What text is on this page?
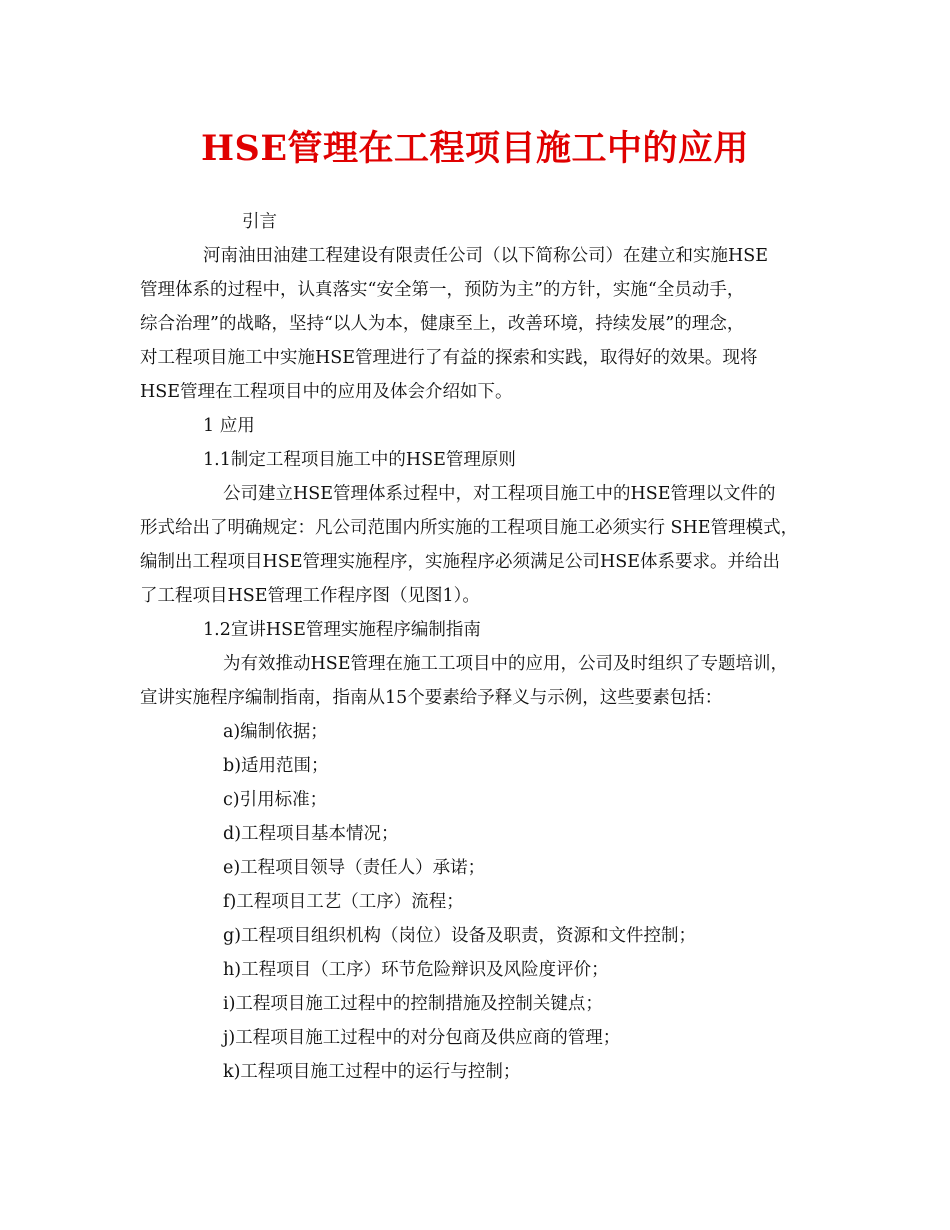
HSE管理在工程项目施工中的应用
引言
河南油田油建工程建设有限责任公司（以下简称公司）在建立和实施HSE
管理体系的过程中，认真落实“安全第一，预防为主”的方针，实施“全员动手，
综合治理”的战略，坚持“以人为本，健康至上，改善环境，持续发展”的理念，
对工程项目施工中实施HSE管理进行了有益的探索和实践，取得好的效果。现将
HSE管理在工程项目中的应用及体会介绍如下。
1 应用
1.1制定工程项目施工中的HSE管理原则
公司建立HSE管理体系过程中，对工程项目施工中的HSE管理以文件的
形式给出了明确规定：凡公司范围内所实施的工程项目施工必须实行 SHE管理模式，
编制出工程项目HSE管理实施程序，实施程序必须满足公司HSE体系要求。并给出
了工程项目HSE管理工作程序图（见图1）。
1.2宣讲HSE管理实施程序编制指南
为有效推动HSE管理在施工工项目中的应用，公司及时组织了专题培训，
宣讲实施程序编制指南，指南从15个要素给予释义与示例，这些要素包括：
a)编制依据；
b)适用范围；
c)引用标准；
d)工程项目基本情况；
e)工程项目领导（责任人）承诺；
f)工程项目工艺（工序）流程；
g)工程项目组织机构（岗位）设备及职责，资源和文件控制；
h)工程项目（工序）环节危险辩识及风险度评价；
i)工程项目施工过程中的控制措施及控制关键点；
j)工程项目施工过程中的对分包商及供应商的管理；
k)工程项目施工过程中的运行与控制；
